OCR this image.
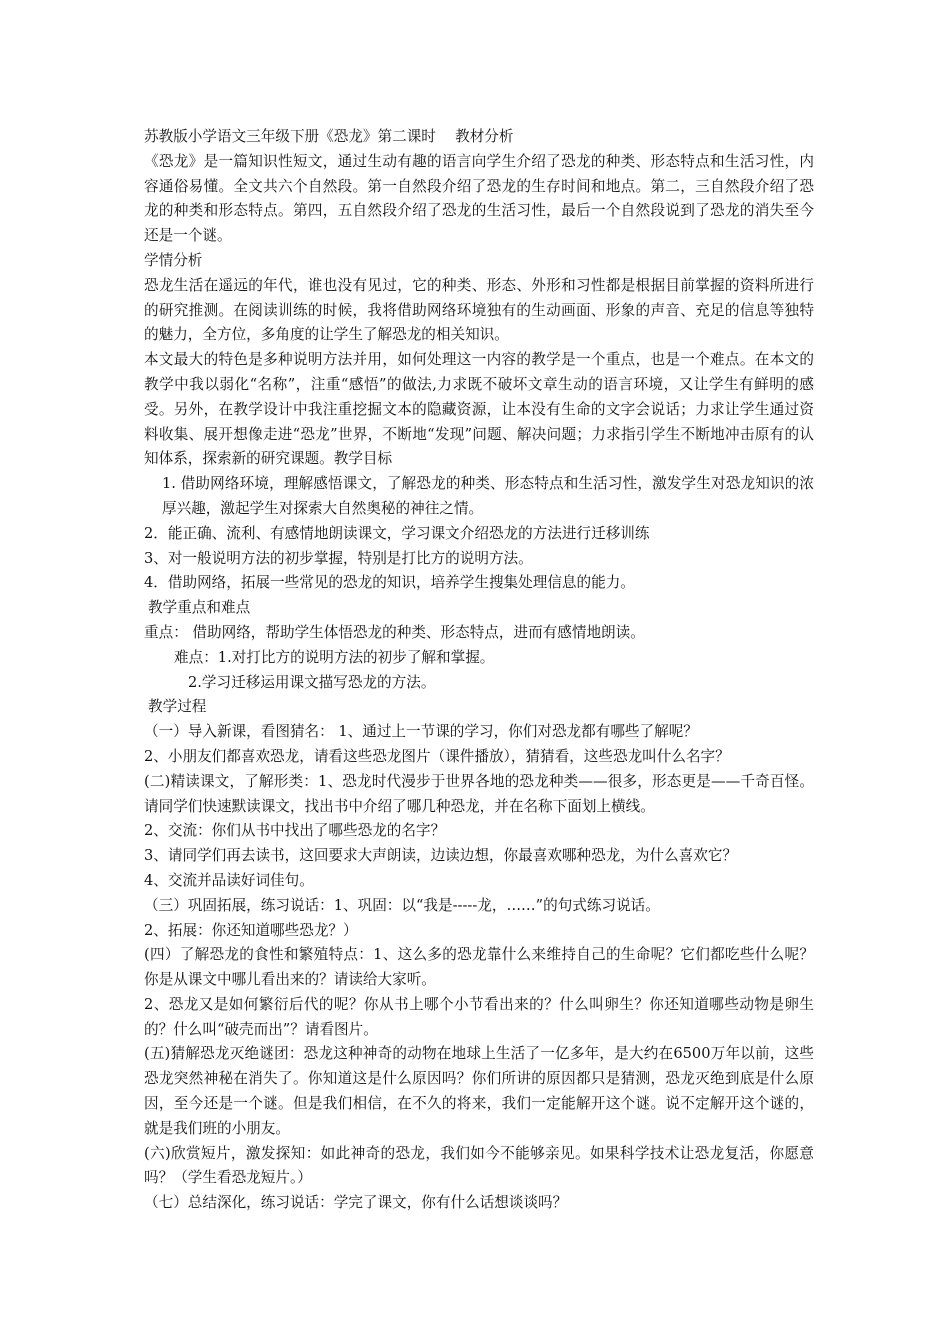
苏教版小学语文三年级下册《恐龙》第二课时　 教材分析

《恐龙》是一篇知识性短文，通过生动有趣的语言向学生介绍了恐龙的种类、形态特点和生活习性，内容通俗易懂。全文共六个自然段。第一自然段介绍了恐龙的生存时间和地点。第二，三自然段介绍了恐龙的种类和形态特点。第四，五自然段介绍了恐龙的生活习性，最后一个自然段说到了恐龙的消失至今还是一个谜。

学情分析

恐龙生活在遥远的年代，谁也没有见过，它的种类、形态、外形和习性都是根据目前掌握的资料所进行的研究推测。在阅读训练的时候，我将借助网络环境独有的生动画面、形象的声音、充足的信息等独特的魅力，全方位，多角度的让学生了解恐龙的相关知识。

本文最大的特色是多种说明方法并用，如何处理这一内容的教学是一个重点，也是一个难点。在本文的教学中我以弱化“名称”，注重“感悟”的做法,力求既不破坏文章生动的语言环境，又让学生有鲜明的感受。另外，在教学设计中我注重挖掘文本的隐藏资源，让本没有生命的文字会说话；力求让学生通过资料收集、展开想像走进“恐龙”世界，不断地“发现”问题、解决问题；力求指引学生不断地冲击原有的认知体系，探索新的研究课题。教学目标

1. 借助网络环境，理解感悟课文，了解恐龙的种类、形态特点和生活习性，激发学生对恐龙知识的浓厚兴趣，激起学生对探索大自然奥秘的神往之情。

2．能正确、流利、有感情地朗读课文，学习课文介绍恐龙的方法进行迁移训练

3、对一般说明方法的初步掌握，特别是打比方的说明方法。

4．借助网络，拓展一些常见的恐龙的知识，培养学生搜集处理信息的能力。

教学重点和难点

重点： 借助网络，帮助学生体悟恐龙的种类、形态特点，进而有感情地朗读。

难点：1.对打比方的说明方法的初步了解和掌握。

2.学习迁移运用课文描写恐龙的方法。

教学过程

（一）导入新课，看图猜名： 1、通过上一节课的学习，你们对恐龙都有哪些了解呢？

2、小朋友们都喜欢恐龙，请看这些恐龙图片（课件播放），猜猜看，这些恐龙叫什么名字？

(二)精读课文，了解形类：1、恐龙时代漫步于世界各地的恐龙种类——很多，形态更是——千奇百怪。请同学们快速默读课文，找出书中介绍了哪几种恐龙，并在名称下面划上横线。

2、交流：你们从书中找出了哪些恐龙的名字？

3、请同学们再去读书，这回要求大声朗读，边读边想，你最喜欢哪种恐龙，为什么喜欢它？

4、交流并品读好词佳句。

（三）巩固拓展，练习说话：1、巩固：以“我是-----龙，……”的句式练习说话。

2、拓展：你还知道哪些恐龙？）

(四）了解恐龙的食性和繁殖特点：1、这么多的恐龙靠什么来维持自己的生命呢？它们都吃些什么呢？你是从课文中哪儿看出来的？请读给大家听。

2、恐龙又是如何繁衍后代的呢？你从书上哪个小节看出来的？什么叫卵生？你还知道哪些动物是卵生的？什么叫“破壳而出”？请看图片。

(五)猜解恐龙灭绝谜团：恐龙这种神奇的动物在地球上生活了一亿多年，是大约在6500万年以前，这些恐龙突然神秘在消失了。你知道这是什么原因吗？你们所讲的原因都只是猜测，恐龙灭绝到底是什么原因，至今还是一个谜。但是我们相信，在不久的将来，我们一定能解开这个谜。说不定解开这个谜的，就是我们班的小朋友。

(六)欣赏短片，激发探知：如此神奇的恐龙，我们如今不能够亲见。如果科学技术让恐龙复活，你愿意吗？（学生看恐龙短片。）

（七）总结深化，练习说话：学完了课文，你有什么话想谈谈吗？
